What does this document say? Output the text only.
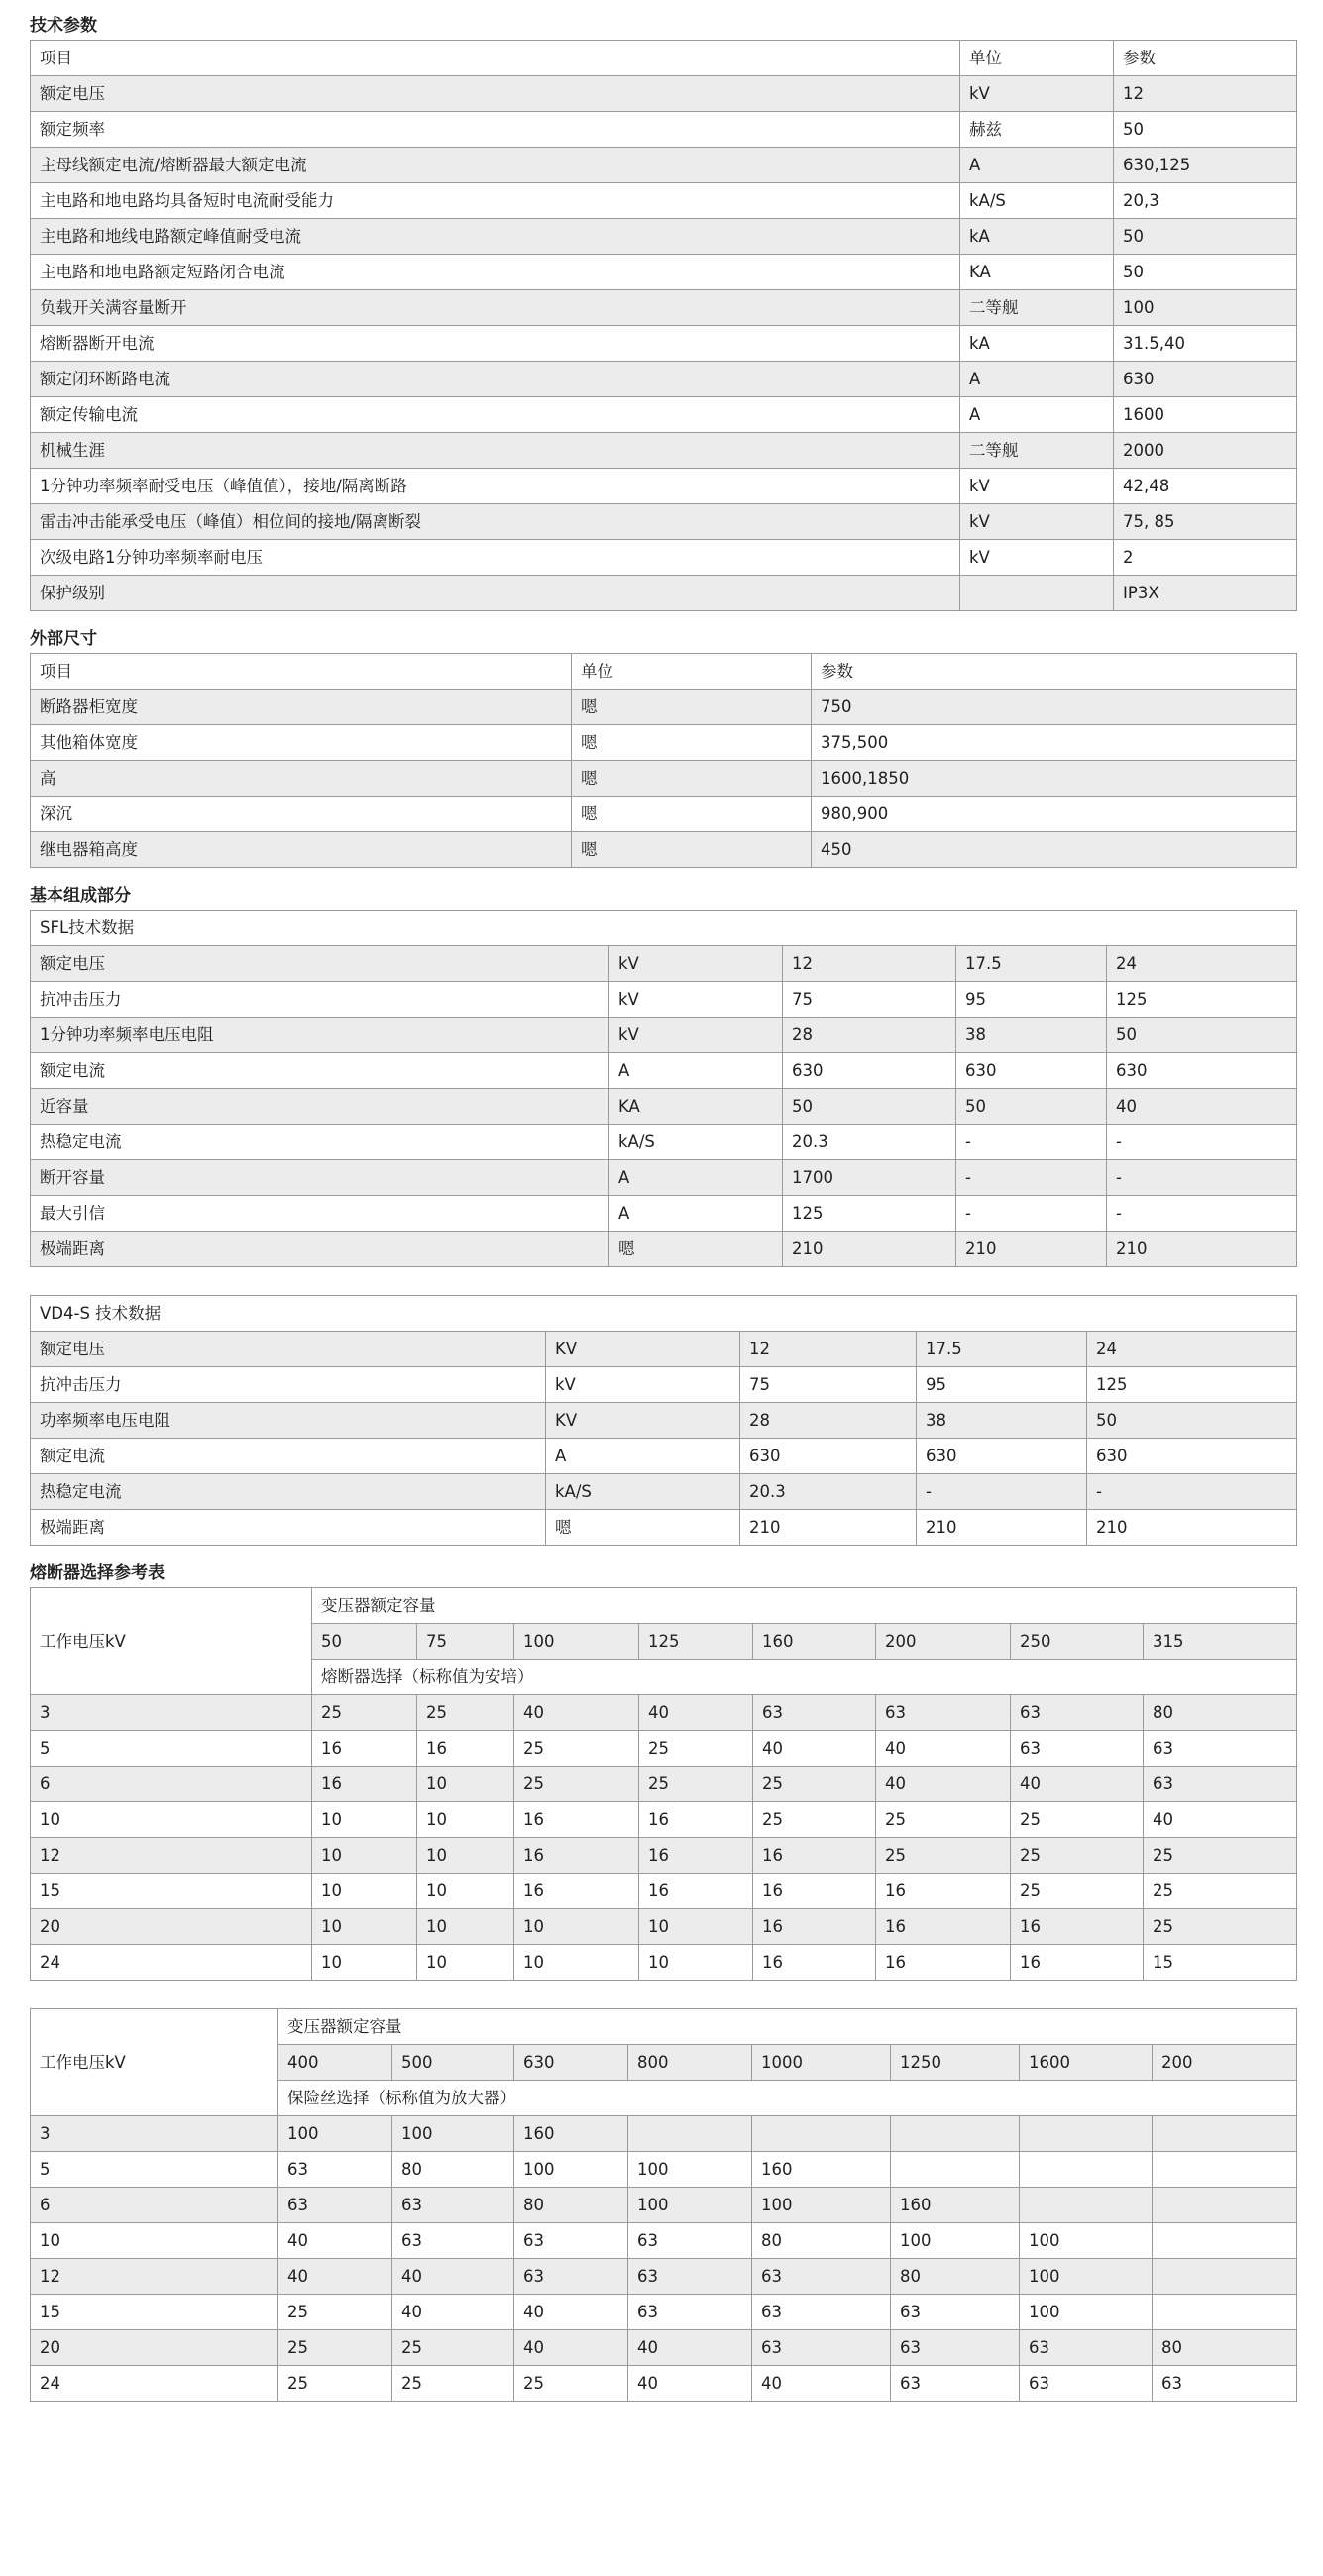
技术参数
项目	单位	参数
额定电压	kV	12
额定频率	赫兹	50
主母线额定电流/熔断器最大额定电流	A	630,125
主电路和地电路均具备短时电流耐受能力	kA/S	20,3
主电路和地线电路额定峰值耐受电流	kA	50
主电路和地电路额定短路闭合电流	KA	50
负载开关满容量断开	二等舰	100
熔断器断开电流	kA	31.5,40
额定闭环断路电流	A	630
额定传输电流	A	1600
机械生涯	二等舰	2000
1分钟功率频率耐受电压（峰值值），接地/隔离断路	kV	42,48
雷击冲击能承受电压（峰值）相位间的接地/隔离断裂	kV	75, 85
次级电路1分钟功率频率耐电压	kV	2
保护级别		IP3X
外部尺寸
项目	单位	参数
断路器柜宽度	嗯	750
其他箱体宽度	嗯	375,500
高	嗯	1600,1850
深沉	嗯	980,900
继电器箱高度	嗯	450
基本组成部分
SFL技术数据				
额定电压	kV	12	17.5	24
抗冲击压力	kV	75	95	125
1分钟功率频率电压电阻	kV	28	38	50
额定电流	A	630	630	630
近容量	KA	50	50	40
热稳定电流	kA/S	20.3	-	-
断开容量	A	1700	-	-
最大引信	A	125	-	-
极端距离	嗯	210	210	210
VD4-S 技术数据				
额定电压	KV	12	17.5	24
抗冲击压力	kV	75	95	125
功率频率电压电阻	KV	28	38	50
额定电流	A	630	630	630
热稳定电流	kA/S	20.3	-	-
极端距离	嗯	210	210	210
熔断器选择参考表
工作电压kV	变压器额定容量							
	50	75	100	125	160	200	250	315
	熔断器选择（标称值为安培）							
3	25	25	40	40	63	63	63	80
5	16	16	25	25	40	40	63	63
6	16	10	25	25	25	40	40	63
10	10	10	16	16	25	25	25	40
12	10	10	16	16	16	25	25	25
15	10	10	16	16	16	16	25	25
20	10	10	10	10	16	16	16	25
24	10	10	10	10	16	16	16	15
工作电压kV	变压器额定容量							
	400	500	630	800	1000	1250	1600	200
	保险丝选择（标称值为放大器）							
3	100	100	160					
5	63	80	100	100	160			
6	63	63	80	100	100	160		
10	40	63	63	63	80	100	100	
12	40	40	63	63	63	80	100	
15	25	40	40	63	63	63	100	
20	25	25	40	40	63	63	63	80
24	25	25	25	40	40	63	63	63
